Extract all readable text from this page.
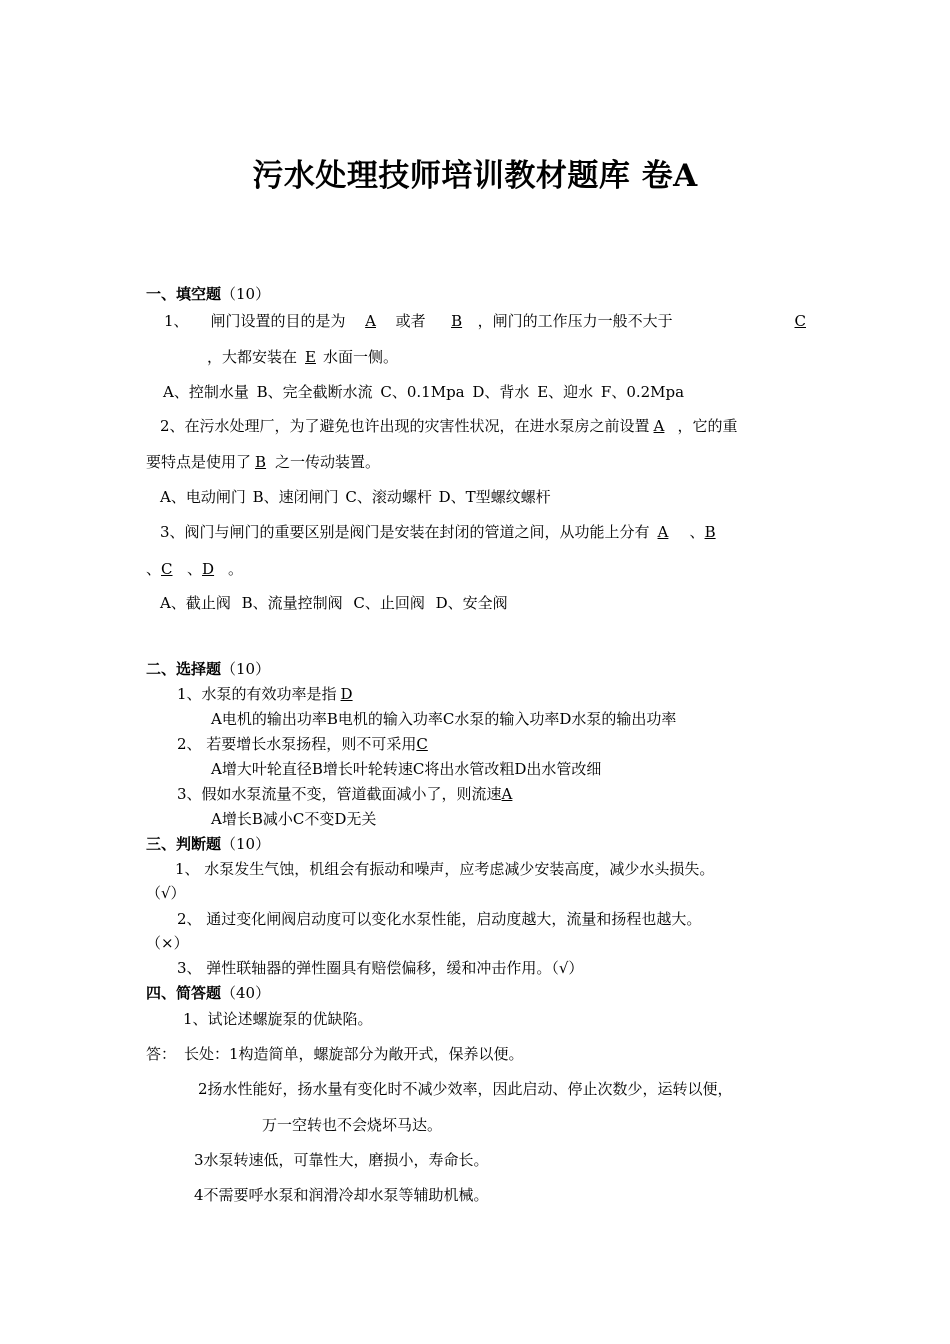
污水处理技师培训教材题库 卷A
一、填空题（10）
1、 闸门设置的目的是为 A 或者 B ，闸门的工作压力一般不大于	C
，大都安装在 E 水面一侧。
A、控制水量 B、完全截断水流 C、0.1Mpa D、背水 E、迎水 F、0.2Mpa
2、在污水处理厂，为了避免也许出现的灾害性状况，在进水泵房之前设置 A ，它的重
要特点是使用了 B 之一传动装置。
A、电动闸门 B、速闭闸门 C、滚动螺杆 D、T型螺纹螺杆
3、阀门与闸门的重要区别是阀门是安装在封闭的管道之间，从功能上分有 A 、B
、C 、D 。
A、截止阀 B、流量控制阀 C、止回阀 D、安全阀
二、选择题（10）
1、水泵的有效功率是指 D
A电机的输出功率B电机的输入功率C水泵的输入功率D水泵的输出功率
2、 若要增长水泵扬程，则不可采用C
A增大叶轮直径B增长叶轮转速C将出水管改粗D出水管改细
3、假如水泵流量不变，管道截面减小了，则流速A
A增长B减小C不变D无关
三、判断题（10）
1、 水泵发生气蚀，机组会有振动和噪声，应考虑减少安装高度，减少水头损失。
（√）
2、 通过变化闸阀启动度可以变化水泵性能，启动度越大，流量和扬程也越大。
（×）
3、 弹性联轴器的弹性圈具有赔偿偏移，缓和冲击作用。（√）
四、简答题（40）
1、试论述螺旋泵的优缺陷。
答： 长处：1构造简单，螺旋部分为敞开式，保养以便。
2扬水性能好，扬水量有变化时不减少效率，因此启动、停止次数少，运转以便，
万一空转也不会烧坏马达。
3水泵转速低，可靠性大，磨损小，寿命长。
4不需要呼水泵和润滑冷却水泵等辅助机械。
